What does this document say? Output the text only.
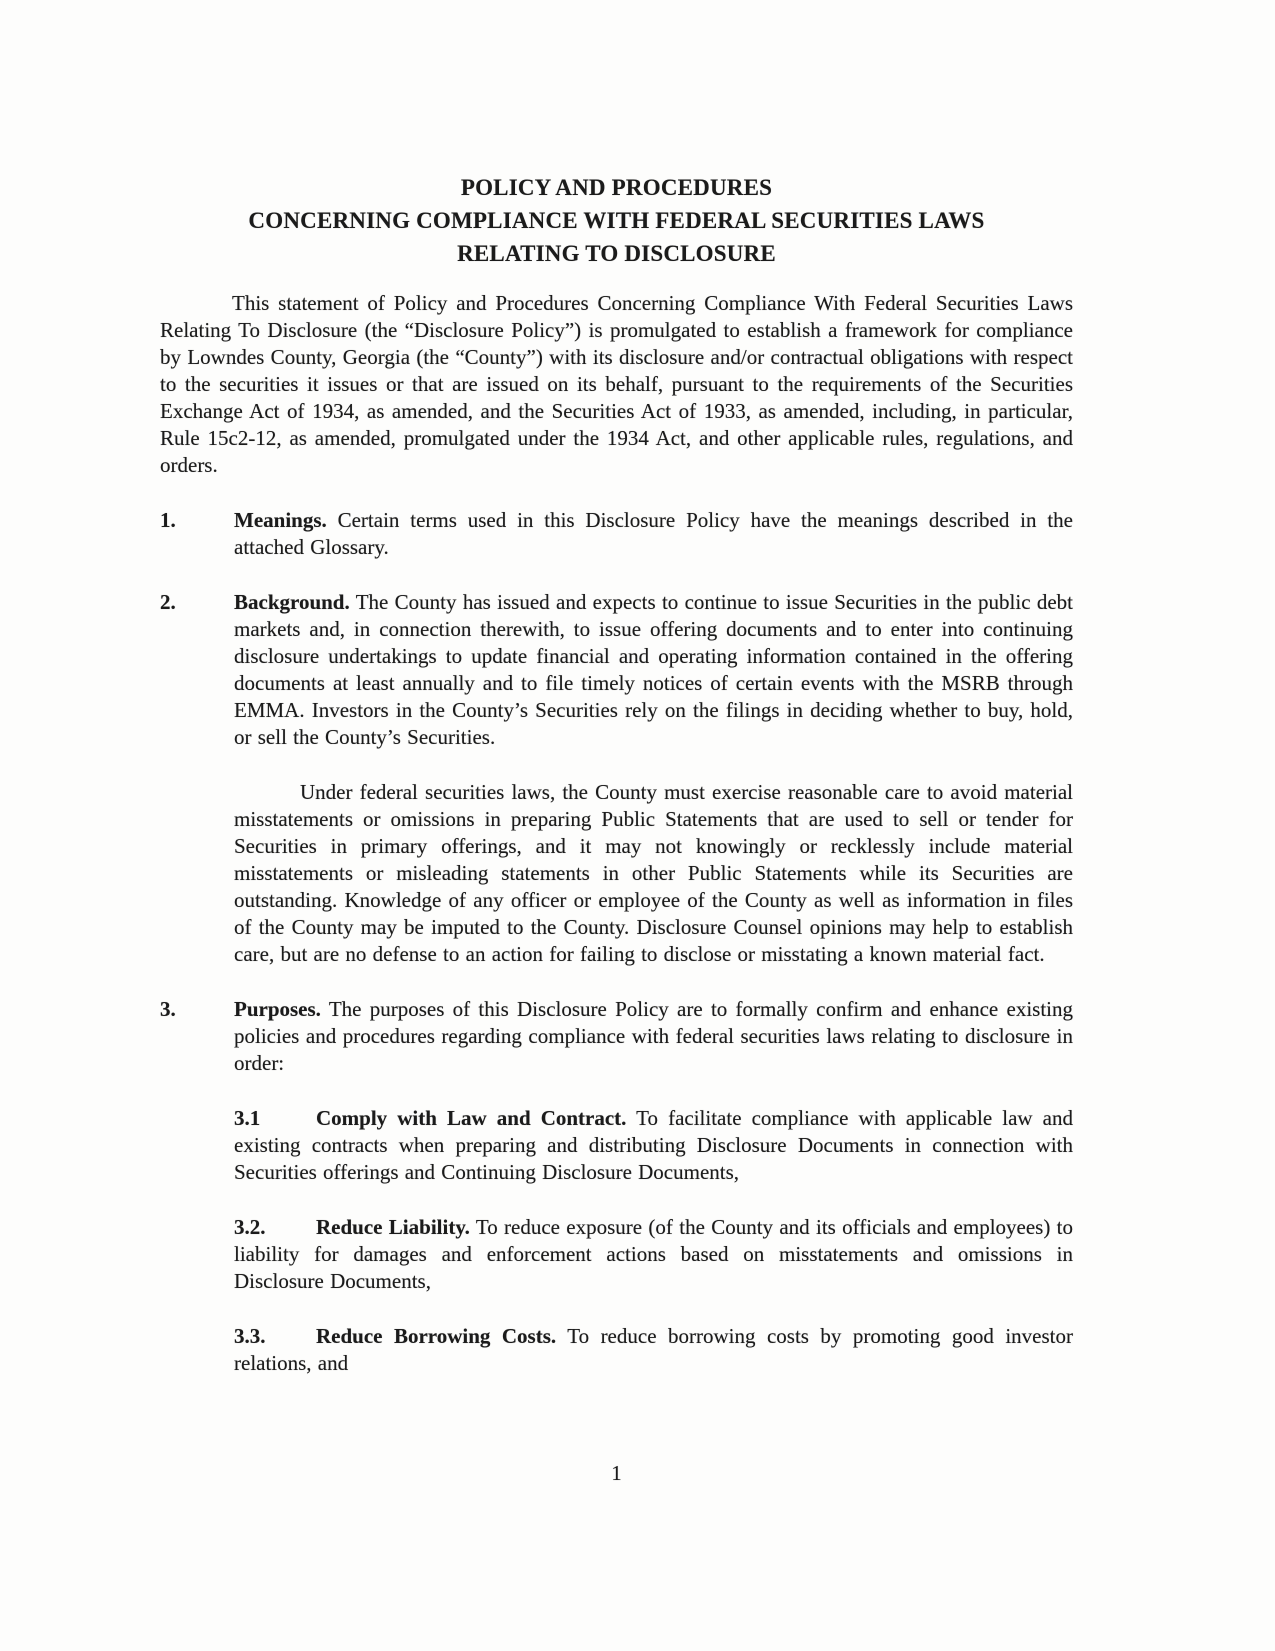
POLICY AND PROCEDURES
CONCERNING COMPLIANCE WITH FEDERAL SECURITIES LAWS
RELATING TO DISCLOSURE

This statement of Policy and Procedures Concerning Compliance With Federal Securities Laws Relating To Disclosure (the “Disclosure Policy”) is promulgated to establish a framework for compliance by Lowndes County, Georgia (the “County”) with its disclosure and/or contractual obligations with respect to the securities it issues or that are issued on its behalf, pursuant to the requirements of the Securities Exchange Act of 1934, as amended, and the Securities Act of 1933, as amended, including, in particular, Rule 15c2-12, as amended, promulgated under the 1934 Act, and other applicable rules, regulations, and orders.

1.	Meanings. Certain terms used in this Disclosure Policy have the meanings described in the attached Glossary.

2.	Background. The County has issued and expects to continue to issue Securities in the public debt markets and, in connection therewith, to issue offering documents and to enter into continuing disclosure undertakings to update financial and operating information contained in the offering documents at least annually and to file timely notices of certain events with the MSRB through EMMA. Investors in the County’s Securities rely on the filings in deciding whether to buy, hold, or sell the County’s Securities.

Under federal securities laws, the County must exercise reasonable care to avoid material misstatements or omissions in preparing Public Statements that are used to sell or tender for Securities in primary offerings, and it may not knowingly or recklessly include material misstatements or misleading statements in other Public Statements while its Securities are outstanding. Knowledge of any officer or employee of the County as well as information in files of the County may be imputed to the County. Disclosure Counsel opinions may help to establish care, but are no defense to an action for failing to disclose or misstating a known material fact.

3.	Purposes. The purposes of this Disclosure Policy are to formally confirm and enhance existing policies and procedures regarding compliance with federal securities laws relating to disclosure in order:

3.1	Comply with Law and Contract. To facilitate compliance with applicable law and existing contracts when preparing and distributing Disclosure Documents in connection with Securities offerings and Continuing Disclosure Documents,

3.2. Reduce Liability. To reduce exposure (of the County and its officials and employees) to liability for damages and enforcement actions based on misstatements and omissions in Disclosure Documents,

3.3. Reduce Borrowing Costs. To reduce borrowing costs by promoting good investor relations, and

1
